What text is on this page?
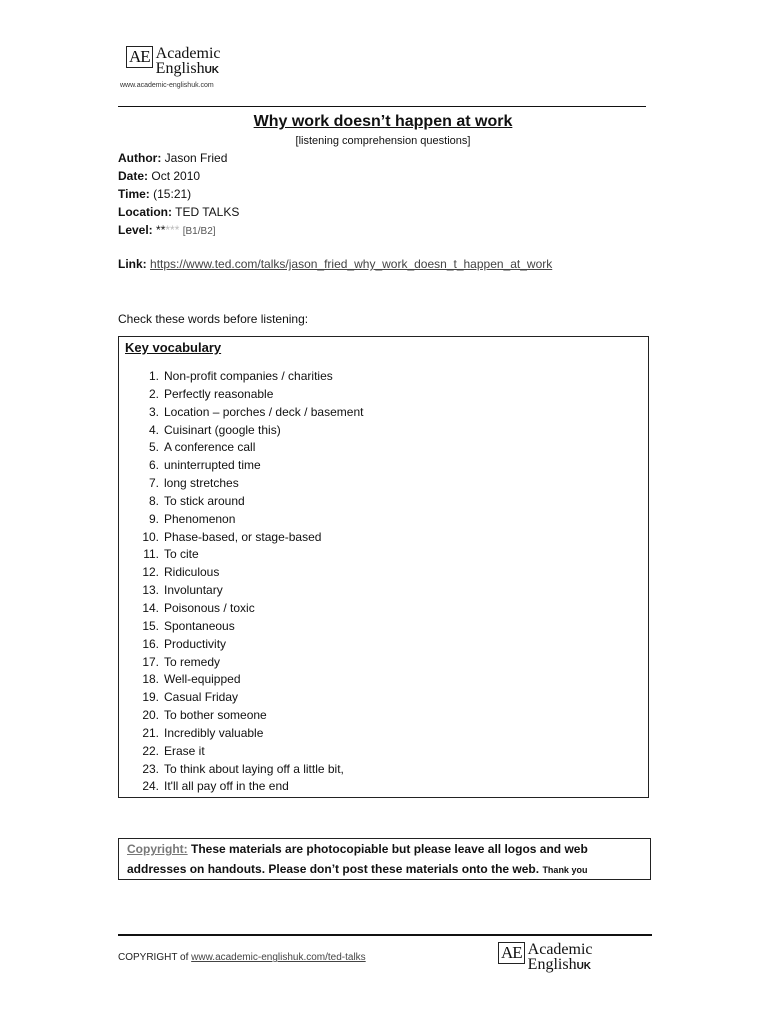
AE Academic
EnglishUK
www.academic-englishuk.com
Why work doesn’t happen at work
[listening comprehension questions]
Author: Jason Fried
Date: Oct 2010
Time: (15:21)
Location: TED TALKS
Level: ***** [B1/B2]
Link: https://www.ted.com/talks/jason_fried_why_work_doesn_t_happen_at_work
Check these words before listening:
Key vocabulary
1. Non-profit companies / charities
2. Perfectly reasonable
3. Location – porches / deck / basement
4. Cuisinart (google this)
5. A conference call
6. uninterrupted time
7. long stretches
8. To stick around
9. Phenomenon
10. Phase-based, or stage-based
11. To cite
12. Ridiculous
13. Involuntary
14. Poisonous / toxic
15. Spontaneous
16. Productivity
17. To remedy
18. Well-equipped
19. Casual Friday
20. To bother someone
21. Incredibly valuable
22. Erase it
23. To think about laying off a little bit,
24. It'll all pay off in the end
Copyright: These materials are photocopiable but please leave all logos and web
addresses on handouts. Please don’t post these materials onto the web. Thank you
COPYRIGHT of www.academic-englishuk.com/ted-talks	AE Academic
EnglishUK
